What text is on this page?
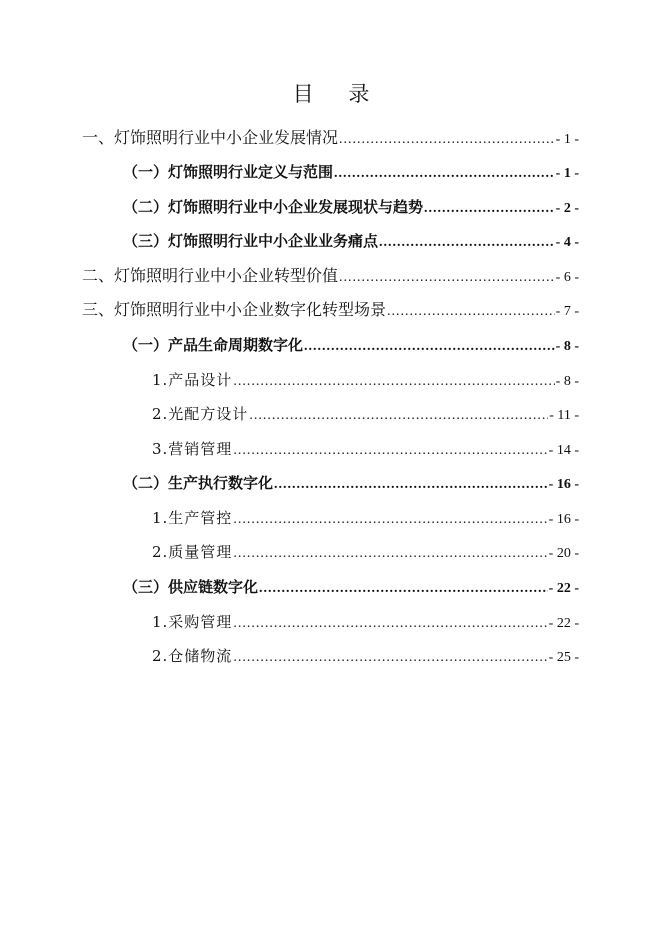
目 录
一、灯饰照明行业中小企业发展情况 .....	- 1 -
（一）灯饰照明行业定义与范围 .....	- 1 -
（二）灯饰照明行业中小企业发展现状与趋势 .....	- 2 -
（三）灯饰照明行业中小企业业务痛点 .....	- 4 -
二、灯饰照明行业中小企业转型价值 .....	- 6 -
三、灯饰照明行业中小企业数字化转型场景 .....	- 7 -
（一）产品生命周期数字化 .....	- 8 -
1.产品设计 .....	- 8 -
2.光配方设计 .....	- 11 -
3.营销管理 .....	- 14 -
（二）生产执行数字化 .....	- 16 -
1.生产管控 .....	- 16 -
2.质量管理 .....	- 20 -
（三）供应链数字化 .....	- 22 -
1.采购管理 .....	- 22 -
2.仓储物流 .....	- 25 -
